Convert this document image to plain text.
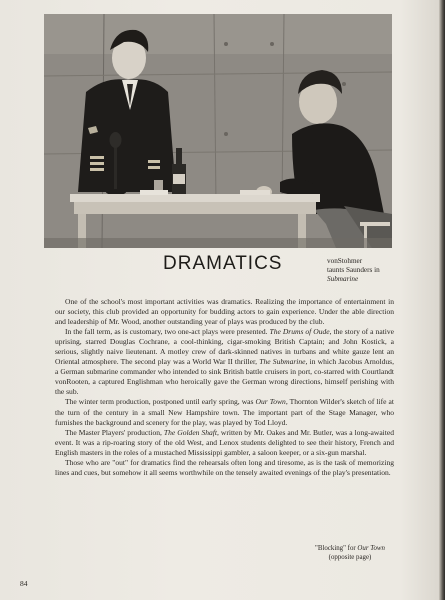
DRAMATICS	vonStohmer
taunts Saunders in
Submarine

One of the school's most important activities was dramatics. Realizing the importance of entertainment in our society, this club provided an opportunity for budding actors to gain experience. Under the able direction and leadership of Mr. Wood, another outstanding year of plays was produced by the club.

In the fall term, as is customary, two one-act plays were presented. The Drums of Oude, the story of a native uprising, starred Douglas Cochrane, a cool-thinking, cigar-smoking British Captain; and John Kostick, a serious, slightly naive lieutenant. A motley crew of dark-skinned natives in turbans and white gauze lent an Oriental atmosphere. The second play was a World War II thriller, The Submarine, in which Jacobus Arnoldus, a German submarine commander who intended to sink British battle cruisers in port, co-starred with Courtlandt vonRooten, a captured Englishman who heroically gave the German wrong directions, himself perishing with the sub.

The winter term production, postponed until early spring, was Our Town, Thornton Wilder's sketch of life at the turn of the century in a small New Hampshire town. The important part of the Stage Manager, who furnishes the background and scenery for the play, was played by Tod Lloyd.

The Master Players' production, The Golden Shaft, written by Mr. Oakes and Mr. Butler, was a long-awaited event. It was a rip-roaring story of the old West, and Lenox students delighted to see their history, French and English masters in the roles of a mustached Mississippi gambler, a saloon keeper, or a six-gun marshal.

Those who are "out" for dramatics find the rehearsals often long and tiresome, as is the task of memorizing lines and cues, but somehow it all seems worthwhile on the tensely awaited evenings of the play's presentation.

"Blocking" for Our Town
(opposite page)
84
